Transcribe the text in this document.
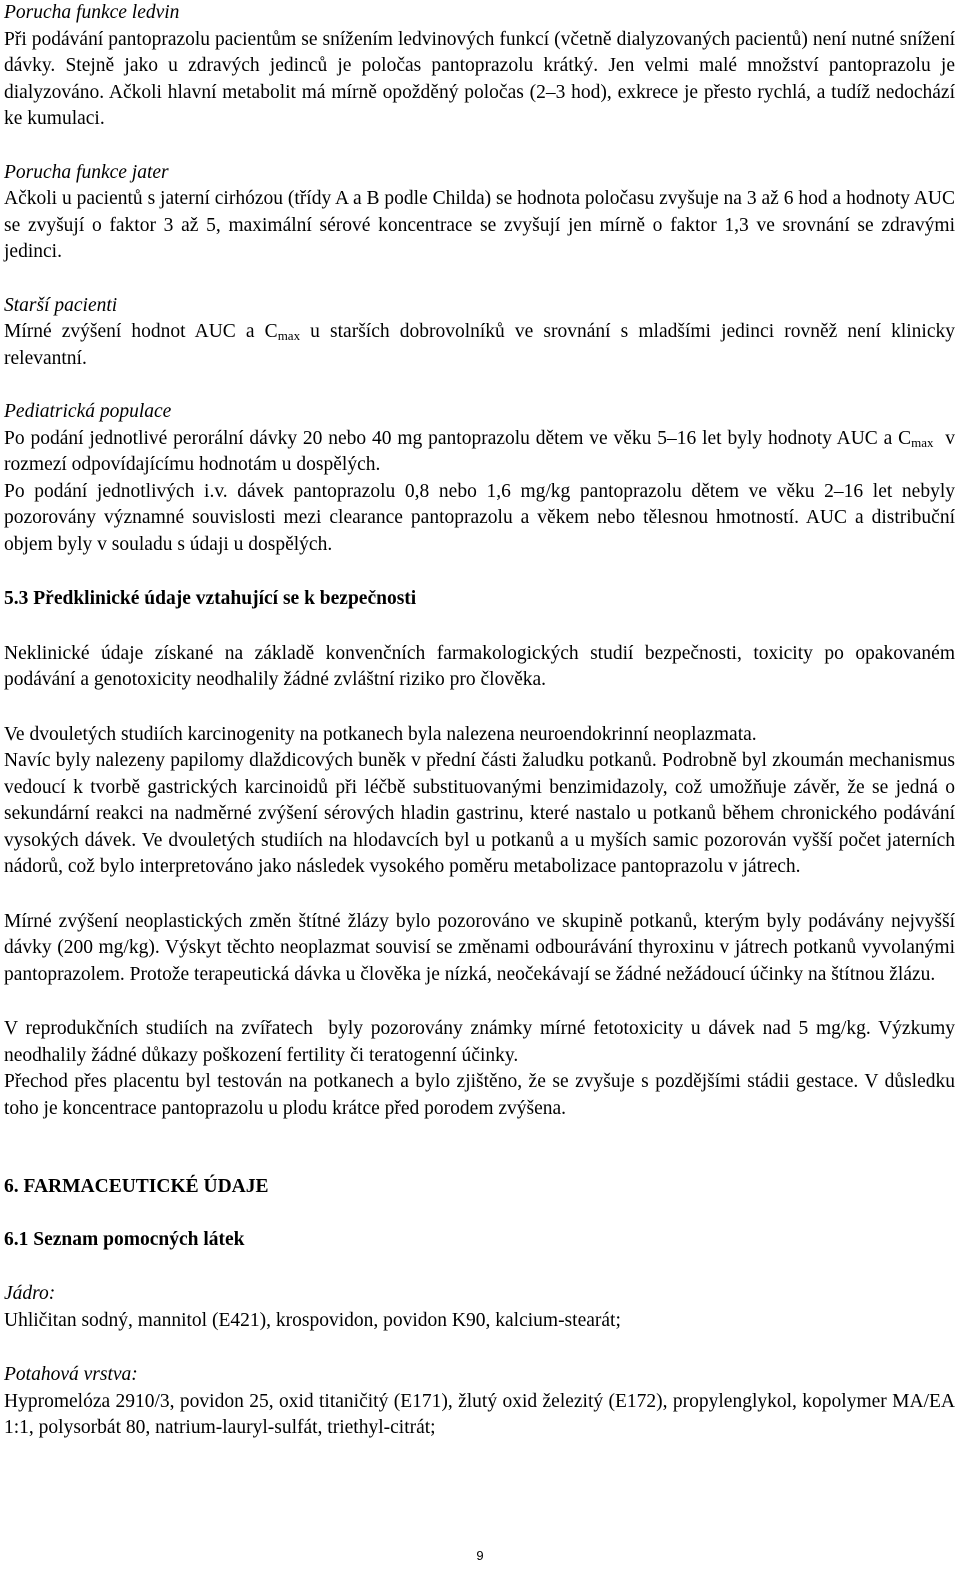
Porucha funkce ledvin
Při podávání pantoprazolu pacientům se snížením ledvinových funkcí (včetně dialyzovaných pacientů) není nutné snížení dávky. Stejně jako u zdravých jedinců je poločas pantoprazolu krátký. Jen velmi malé množství pantoprazolu je dialyzováno. Ačkoli hlavní metabolit má mírně opožděný poločas (2–3 hod), exkrece je přesto rychlá, a tudíž nedochází ke kumulaci.

Porucha funkce jater
Ačkoli u pacientů s jaterní cirhózou (třídy A a B podle Childa) se hodnota poločasu zvyšuje na 3 až 6 hod a hodnoty AUC se zvyšují o faktor 3 až 5, maximální sérové koncentrace se zvyšují jen mírně o faktor 1,3 ve srovnání se zdravými jedinci.

Starší pacienti
Mírné zvýšení hodnot AUC a $C_{max}$ u starších dobrovolníků ve srovnání s mladšími jedinci rovněž není klinicky relevantní.

Pediatrická populace
Po podání jednotlivé perorální dávky 20 nebo 40 mg pantoprazolu dětem ve věku 5–16 let byly hodnoty AUC a $C_{max}$  v rozmezí odpovídajícímu hodnotám u dospělých.

Po podání jednotlivých i.v. dávek pantoprazolu 0,8 nebo 1,6 mg/kg pantoprazolu dětem ve věku 2–16 let nebyly pozorovány významné souvislosti mezi clearance pantoprazolu a věkem nebo tělesnou hmotností. AUC a distribuční objem byly v souladu s údaji u dospělých.

5.3 Předklinické údaje vztahující se k bezpečnosti

Neklinické údaje získané na základě konvenčních farmakologických studií bezpečnosti, toxicity po opakovaném podávání a genotoxicity neodhalily žádné zvláštní riziko pro člověka.

Ve dvouletých studiích karcinogenity na potkanech byla nalezena neuroendokrinní neoplazmata.

Navíc byly nalezeny papilomy dlaždicových buněk v přední části žaludku potkanů. Podrobně byl zkoumán mechanismus vedoucí k tvorbě gastrických karcinoidů při léčbě substituovanými benzimidazoly, což umožňuje závěr, že se jedná o sekundární reakci na nadměrné zvýšení sérových hladin gastrinu, které nastalo u potkanů během chronického podávání vysokých dávek. Ve dvouletých studiích na hlodavcích byl u potkanů a u myších samic pozorován vyšší počet jaterních nádorů, což bylo interpretováno jako následek vysokého poměru metabolizace pantoprazolu v játrech.

Mírné zvýšení neoplastických změn štítné žlázy bylo pozorováno ve skupině potkanů, kterým byly podávány nejvyšší dávky (200 mg/kg). Výskyt těchto neoplazmat souvisí se změnami odbourávání thyroxinu v játrech potkanů vyvolanými pantoprazolem. Protože terapeutická dávka u člověka je nízká, neočekávají se žádné nežádoucí účinky na štítnou žlázu.

V reprodukčních studiích na zvířatech  byly pozorovány známky mírné fetotoxicity u dávek nad 5 mg/kg. Výzkumy neodhalily žádné důkazy poškození fertility či teratogenní účinky.

Přechod přes placentu byl testován na potkanech a bylo zjištěno, že se zvyšuje s pozdějšími stádii gestace. V důsledku toho je koncentrace pantoprazolu u plodu krátce před porodem zvýšena.

6. FARMACEUTICKÉ ÚDAJE

6.1 Seznam pomocných látek

Jádro:
Uhličitan sodný, mannitol (E421), krospovidon, povidon K90, kalcium-stearát;

Potahová vrstva:
Hypromelóza 2910/3, povidon 25, oxid titaničitý (E171), žlutý oxid železitý (E172), propylenglykol, kopolymer MA/EA 1:1, polysorbát 80, natrium-lauryl-sulfát, triethyl-citrát;

9
